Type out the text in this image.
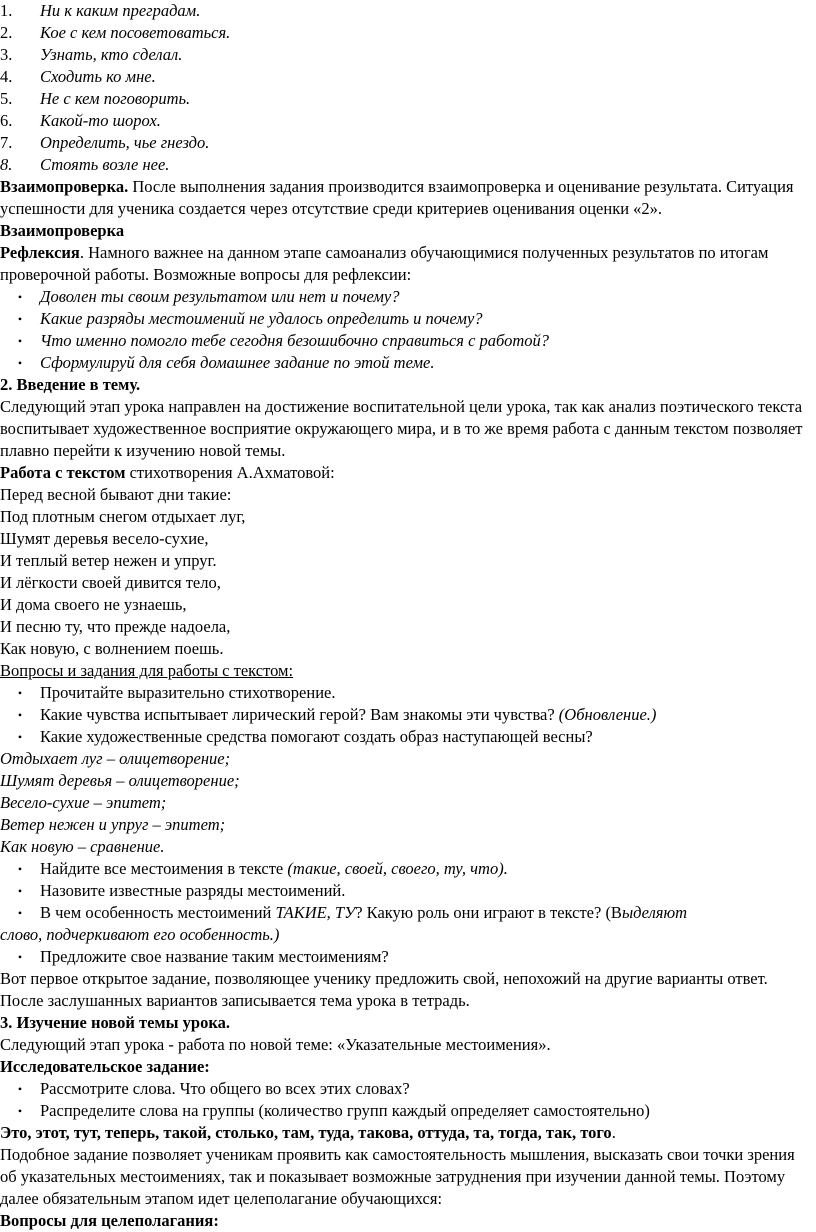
1.	Ни к каким преградам.
2.	Кое с кем посоветоваться.
3.	Узнать, кто сделал.
4.	Сходить ко мне.
5.	Не с кем поговорить.
6.	Какой-то шорох.
7.	Определить, чье гнездо.
8.	Стоять возле нее.

Взаимопроверка. После выполнения задания производится взаимопроверка и оценивание результата. Ситуация успешности для ученика создается через отсутствие среди критериев оценивания оценки «2».

Взаимопроверка

Рефлексия. Намного важнее на данном этапе самоанализ обучающимися полученных результатов по итогам проверочной работы. Возможные вопросы для рефлексии:

•	Доволен ты своим результатом или нет и почему?
•	Какие разряды местоимений не удалось определить и почему?
•	Что именно помогло тебе сегодня безошибочно справиться с работой?
•	Сформулируй для себя домашнее задание по этой теме.

2. Введение в тему.

Следующий этап урока направлен на достижение воспитательной цели урока, так как анализ поэтического текста воспитывает художественное восприятие окружающего мира, и в то же время работа с данным текстом позволяет плавно перейти к изучению новой темы.

Работа с текстом стихотворения А.Ахматовой:

Перед весной бывают дни такие:

Под плотным снегом отдыхает луг,

Шумят деревья весело-сухие,

И теплый ветер нежен и упруг.

И лёгкости своей дивится тело,

И дома своего не узнаешь,

И песню ту, что прежде надоела,

Как новую, с волнением поешь.

Вопросы и задания для работы с текстом:

•	Прочитайте выразительно стихотворение.
•	Какие чувства испытывает лирический герой? Вам знакомы эти чувства? (Обновление.)
•	Какие художественные средства помогают создать образ наступающей весны?

Отдыхает луг – олицетворение;

Шумят деревья – олицетворение;

Весело-сухие – эпитет;

Ветер нежен и упруг – эпитет;

Как новую – сравнение.

•	Найдите все местоимения в тексте (такие, своей, своего, ту, что).
•	Назовите известные разряды местоимений.
•	В чем особенность местоимений ТАКИЕ, ТУ? Какую роль они играют в тексте? (Выделяют

слово, подчеркивают его особенность.)

•	Предложите свое название таким местоимениям?

Вот первое открытое задание, позволяющее ученику предложить свой, непохожий на другие варианты ответ. После заслушанных вариантов записывается тема урока в тетрадь.

3. Изучение новой темы урока.

Следующий этап урока - работа по новой теме: «Указательные местоимения».

Исследовательское задание:

•	Рассмотрите слова. Что общего во всех этих словах?
•	Распределите слова на группы (количество групп каждый определяет самостоятельно)

Это, этот, тут, теперь, такой, столько, там, туда, такова, оттуда, та, тогда, так, того.

Подобное задание позволяет ученикам проявить как самостоятельность мышления, высказать свои точки зрения об указательных местоимениях, так и показывает возможные затруднения при изучении данной темы. Поэтому далее обязательным этапом идет целеполагание обучающихся:

Вопросы для целеполагания:
